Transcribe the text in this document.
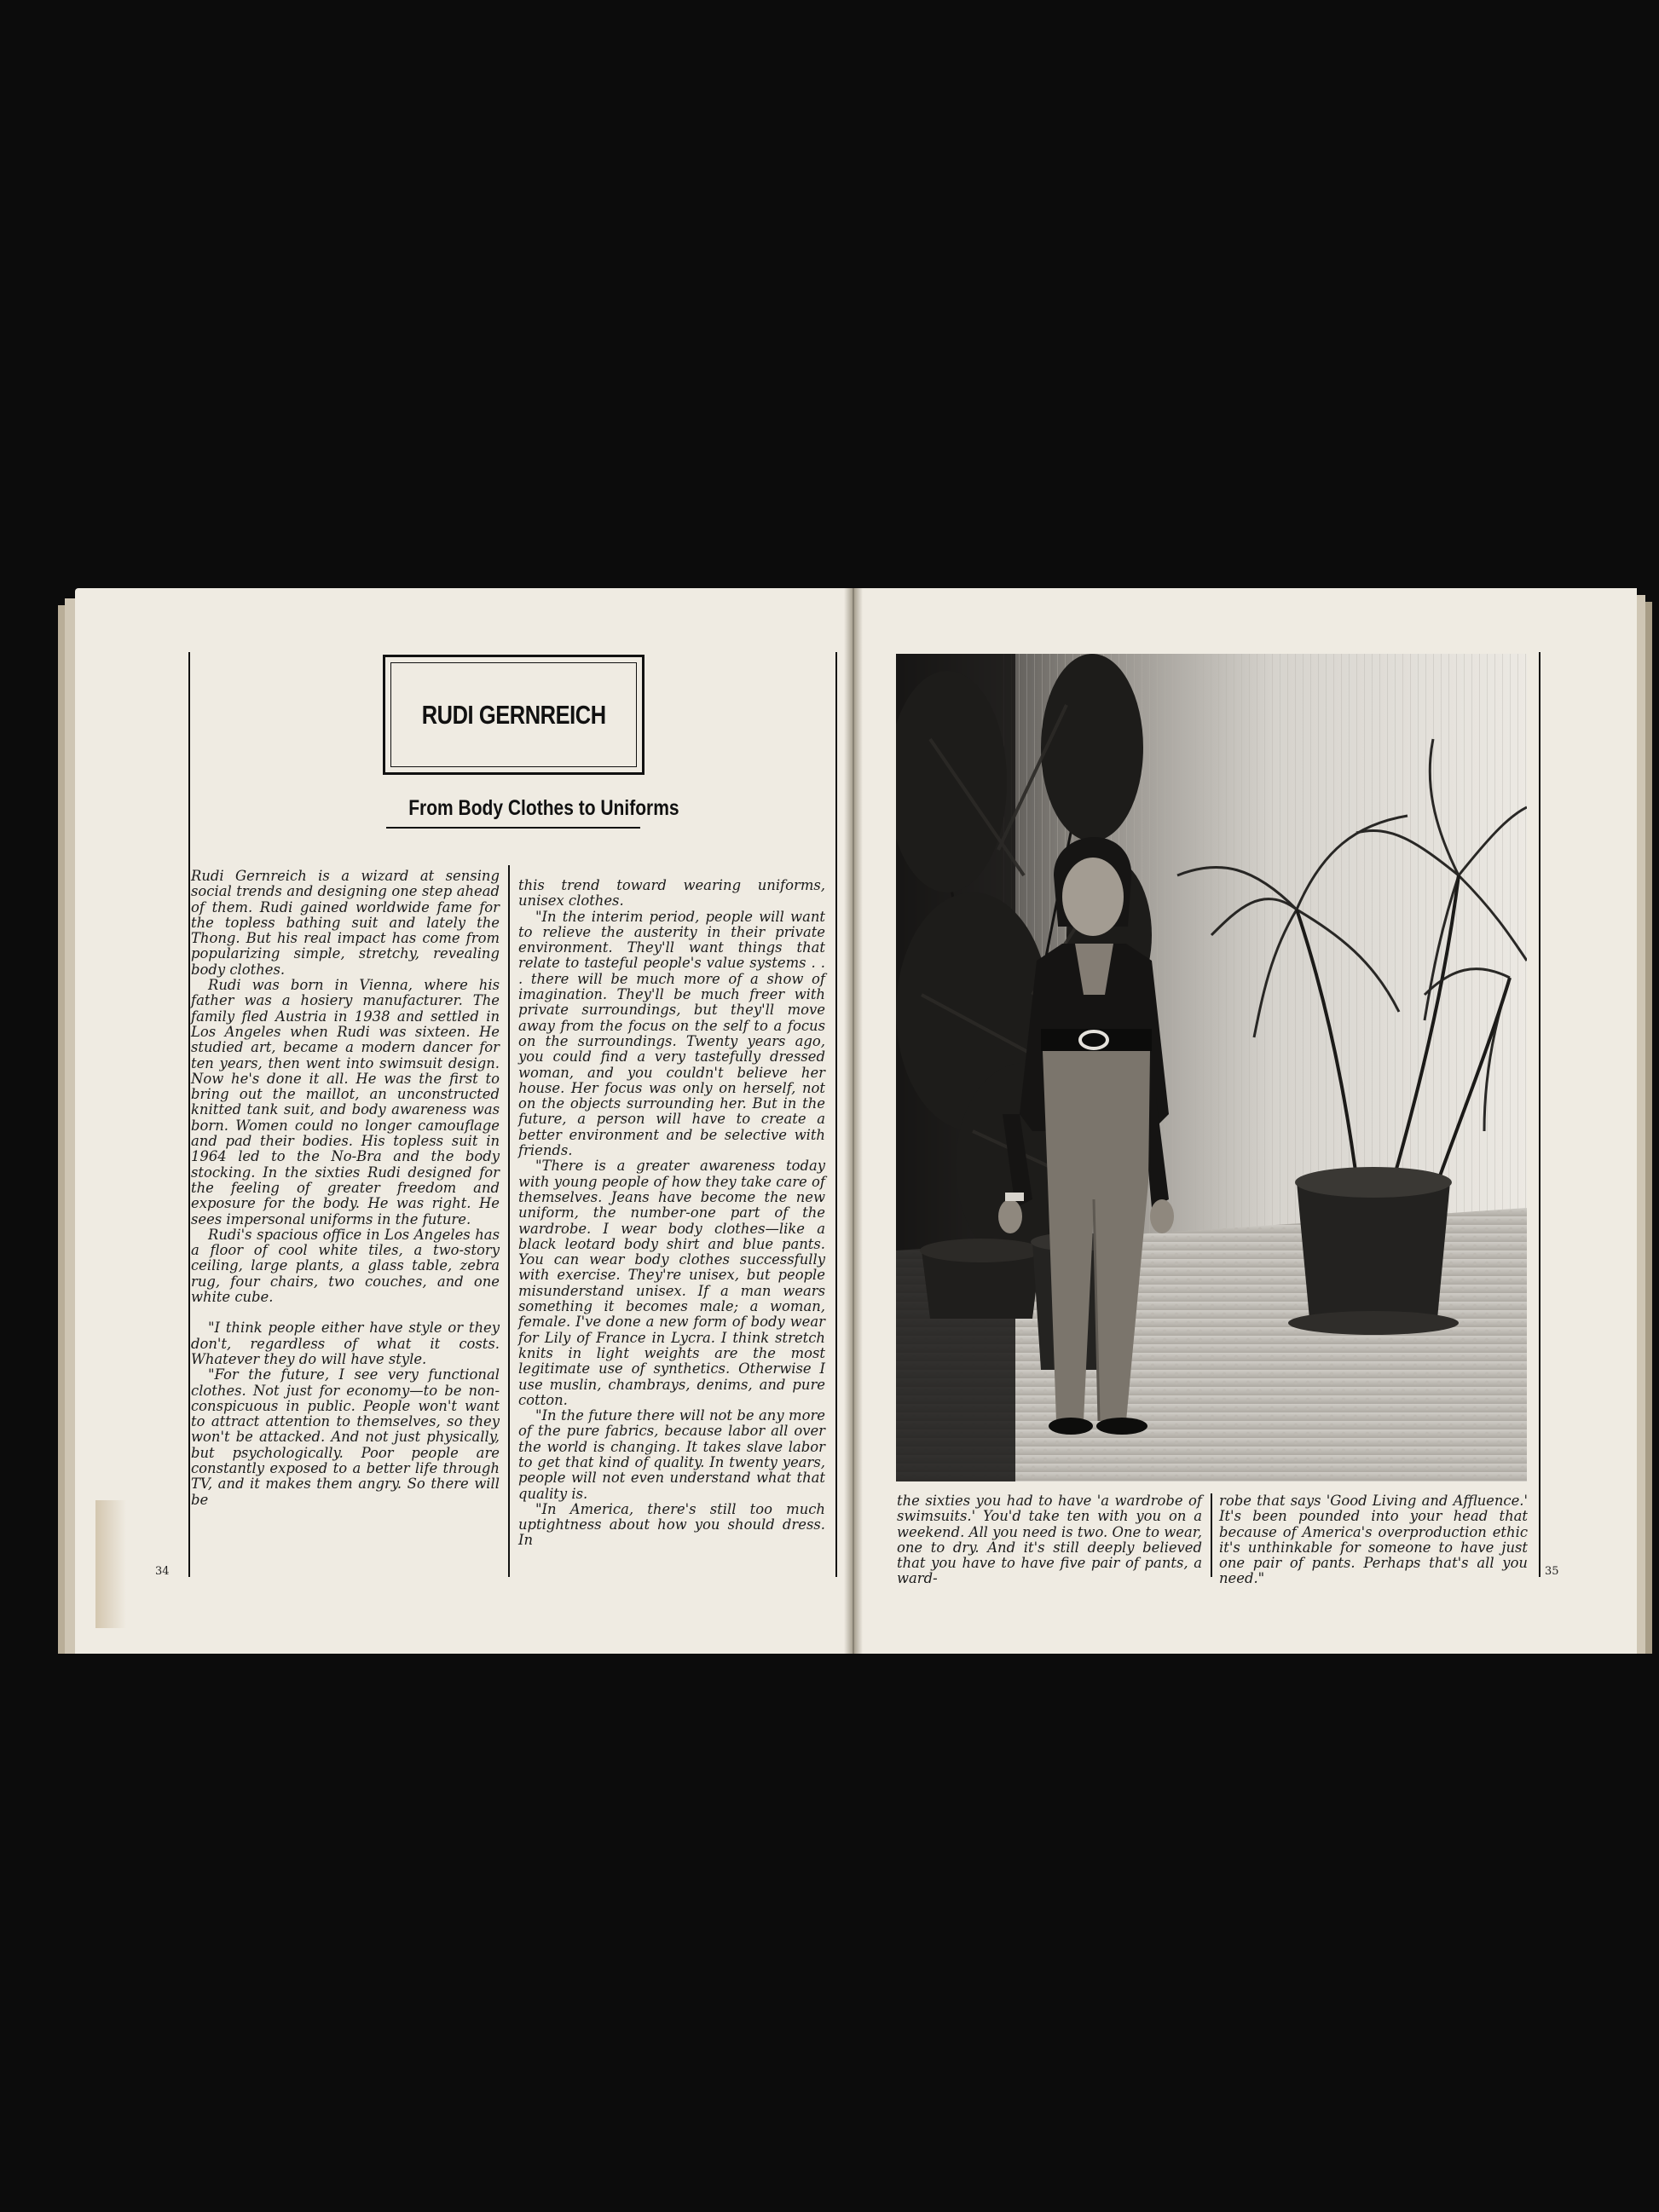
RUDI GERNREICH
From Body Clothes to Uniforms

Rudi Gernreich is a wizard at sensing social trends and designing one step ahead of them. Rudi gained worldwide fame for the topless bathing suit and lately the Thong. But his real impact has come from popularizing simple, stretchy, revealing body clothes.

Rudi was born in Vienna, where his father was a hosiery manufacturer. The family fled Austria in 1938 and settled in Los Angeles when Rudi was sixteen. He studied art, became a modern dancer for ten years, then went into swimsuit design. Now he's done it all. He was the first to bring out the maillot, an unconstructed knitted tank suit, and body awareness was born. Women could no longer camouflage and pad their bodies. His topless suit in 1964 led to the No-Bra and the body stocking. In the sixties Rudi designed for the feeling of greater freedom and exposure for the body. He was right. He sees impersonal uniforms in the future.

Rudi's spacious office in Los Angeles has a floor of cool white tiles, a two-story ceiling, large plants, a glass table, zebra rug, four chairs, two couches, and one white cube.

"I think people either have style or they don't, regardless of what it costs. Whatever they do will have style.

"For the future, I see very functional clothes. Not just for economy—to be non-conspicuous in public. People won't want to attract attention to themselves, so they won't be attacked. And not just physically, but psychologically. Poor people are constantly exposed to a better life through TV, and it makes them angry. So there will be

this trend toward wearing uniforms, unisex clothes.

"In the interim period, people will want to relieve the austerity in their private environment. They'll want things that relate to tasteful people's value systems . . . there will be much more of a show of imagination. They'll be much freer with private surroundings, but they'll move away from the focus on the self to a focus on the surroundings. Twenty years ago, you could find a very tastefully dressed woman, and you couldn't believe her house. Her focus was only on herself, not on the objects surrounding her. But in the future, a person will have to create a better environment and be selective with friends.

"There is a greater awareness today with young people of how they take care of themselves. Jeans have become the new uniform, the number-one part of the wardrobe. I wear body clothes—like a black leotard body shirt and blue pants. You can wear body clothes successfully with exercise. They're unisex, but people misunderstand unisex. If a man wears something it becomes male; a woman, female. I've done a new form of body wear for Lily of France in Lycra. I think stretch knits in light weights are the most legitimate use of synthetics. Otherwise I use muslin, chambrays, denims, and pure cotton.

"In the future there will not be any more of the pure fabrics, because labor all over the world is changing. It takes slave labor to get that kind of quality. In twenty years, people will not even understand what that quality is.

"In America, there's still too much uptightness about how you should dress. In

34

the sixties you had to have 'a wardrobe of swimsuits.' You'd take ten with you on a weekend. All you need is two. One to wear, one to dry. And it's still deeply believed that you have to have five pair of pants, a ward-

robe that says 'Good Living and Affluence.' It's been pounded into your head that because of America's overproduction ethic it's unthinkable for someone to have just one pair of pants. Perhaps that's all you need."	35
